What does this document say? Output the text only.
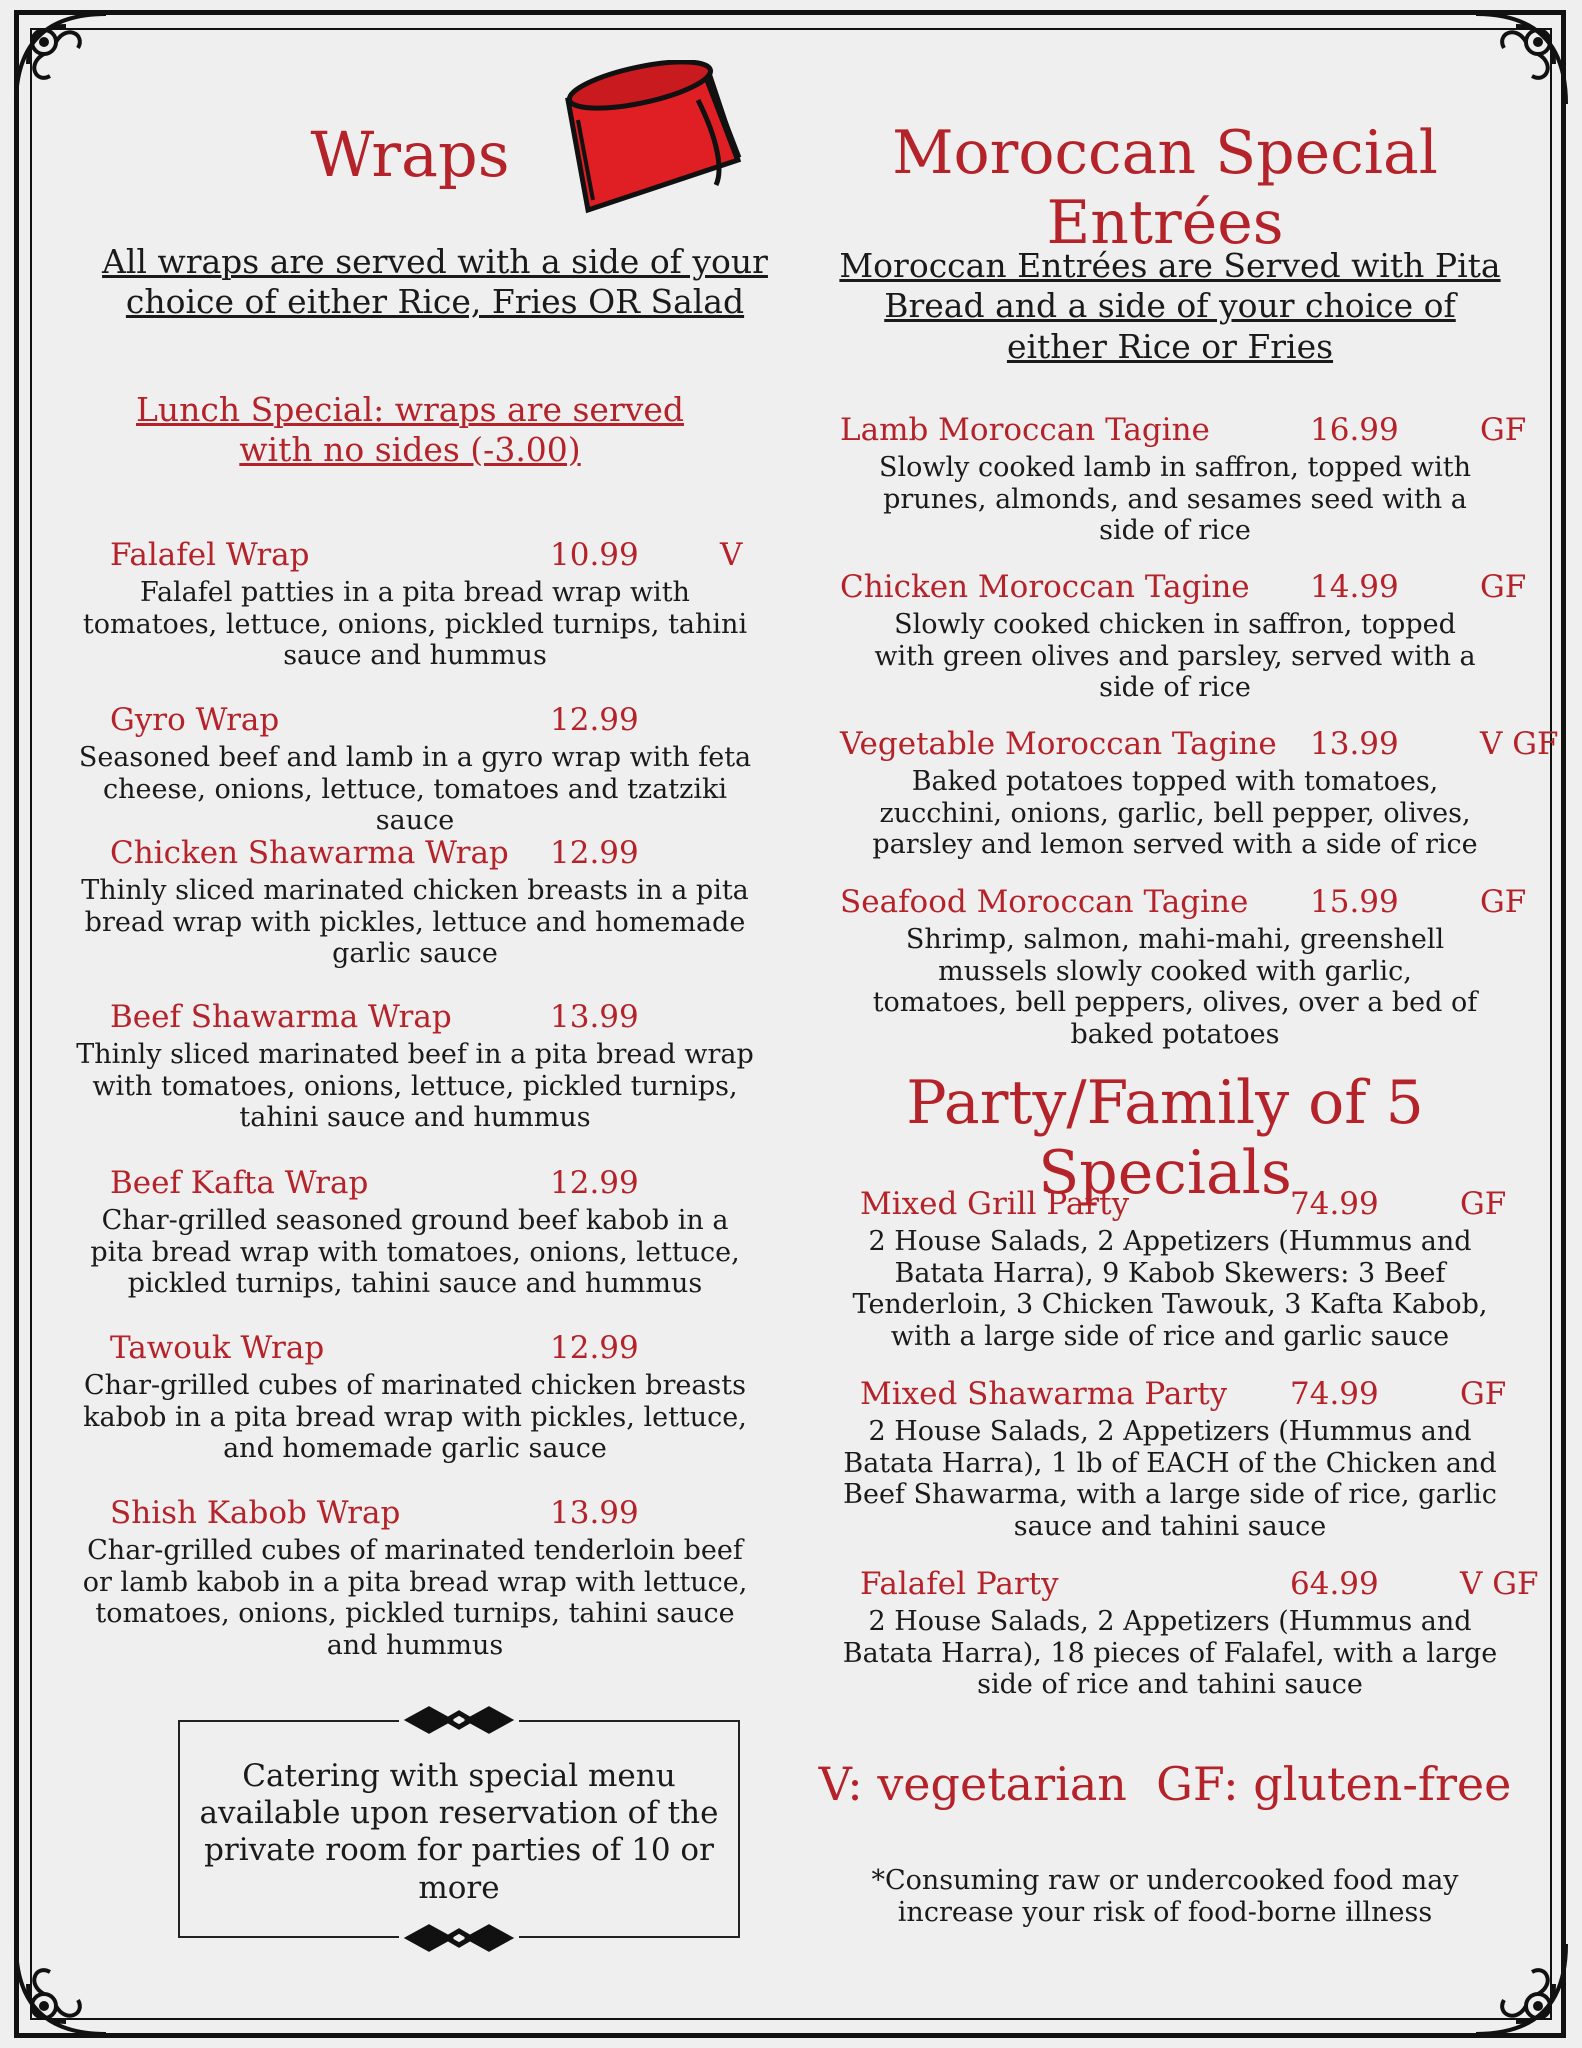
Wraps

All wraps are served with a side of your choice of either Rice, Fries OR Salad

Lunch Special: wraps are served with no sides (-3.00)

Falafel Wrap	10.99	V

Falafel patties in a pita bread wrap with tomatoes, lettuce, onions, pickled turnips, tahini sauce and hummus

Gyro Wrap	12.99

Seasoned beef and lamb in a gyro wrap with feta cheese, onions, lettuce, tomatoes and tzatziki sauce

Chicken Shawarma Wrap 12.99

Thinly sliced marinated chicken breasts in a pita bread wrap with pickles, lettuce and homemade garlic sauce

Beef Shawarma Wrap	13.99

Thinly sliced marinated beef in a pita bread wrap with tomatoes, onions, lettuce, pickled turnips, tahini sauce and hummus

Beef Kafta Wrap	12.99

Char-grilled seasoned ground beef kabob in a pita bread wrap with tomatoes, onions, lettuce, pickled turnips, tahini sauce and hummus

Tawouk Wrap	12.99

Char-grilled cubes of marinated chicken breasts kabob in a pita bread wrap with pickles, lettuce, and homemade garlic sauce

Shish Kabob Wrap	13.99

Char-grilled cubes of marinated tenderloin beef or lamb kabob in a pita bread wrap with lettuce, tomatoes, onions, pickled turnips, tahini sauce and hummus

Catering with special menu available upon reservation of the private room for parties of 10 or more

Moroccan Special Entrées

Moroccan Entrées are Served with Pita Bread and a side of your choice of either Rice or Fries

Lamb Moroccan Tagine	16.99	GF

Slowly cooked lamb in saffron, topped with prunes, almonds, and sesames seed with a side of rice

Chicken Moroccan Tagine 14.99	GF

Slowly cooked chicken in saffron, topped with green olives and parsley, served with a side of rice

Vegetable Moroccan Tagine 13.99	V GF

Baked potatoes topped with tomatoes, zucchini, onions, garlic, bell pepper, olives, parsley and lemon served with a side of rice

Seafood Moroccan Tagine 15.99	GF

Shrimp, salmon, mahi-mahi, greenshell mussels slowly cooked with garlic, tomatoes, bell peppers, olives, over a bed of baked potatoes

Party/Family of 5 Specials
Mixed Grill Party	74.99	GF

2 House Salads, 2 Appetizers (Hummus and Batata Harra), 9 Kabob Skewers: 3 Beef Tenderloin, 3 Chicken Tawouk, 3 Kafta Kabob, with a large side of rice and garlic sauce

Mixed Shawarma Party 74.99	GF

2 House Salads, 2 Appetizers (Hummus and Batata Harra), 1 lb of EACH of the Chicken and Beef Shawarma, with a large side of rice, garlic sauce and tahini sauce

Falafel Party	64.99	V GF

2 House Salads, 2 Appetizers (Hummus and Batata Harra), 18 pieces of Falafel, with a large side of rice and tahini sauce

V: vegetarian  GF: gluten-free

*Consuming raw or undercooked food may increase your risk of food-borne illness
